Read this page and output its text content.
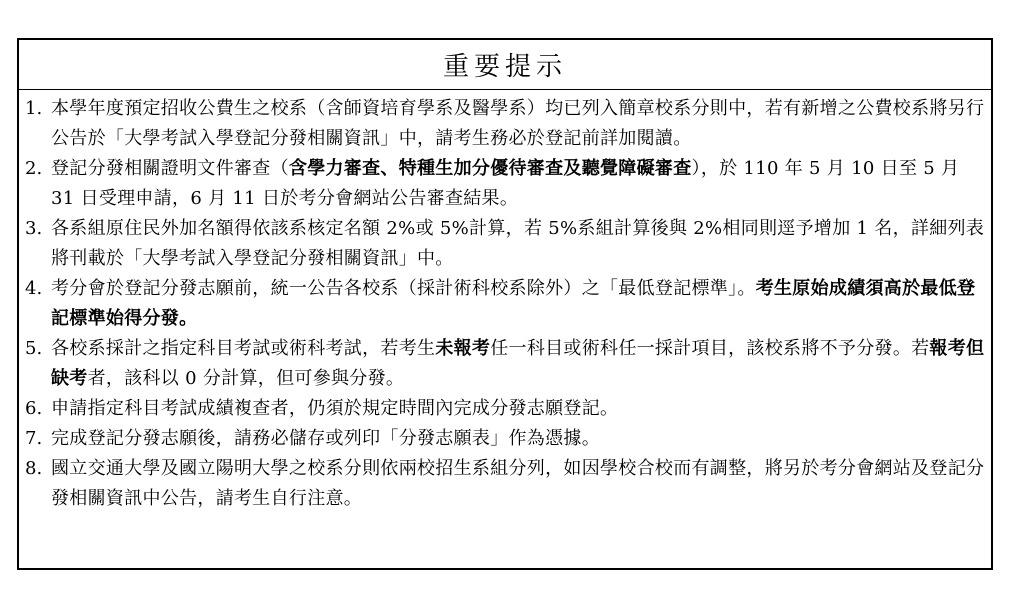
重要提示
1. 本學年度預定招收公費生之校系（含師資培育學系及醫學系）均已列入簡章校系分則中，若有新增之公費校系將另行公告於「大學考試入學登記分發相關資訊」中，請考生務必於登記前詳加閱讀。
2. 登記分發相關證明文件審查（含學力審查、特種生加分優待審查及聽覺障礙審查），於 110 年 5 月 10 日至 5 月 31 日受理申請，6 月 11 日於考分會網站公告審查結果。
3. 各系組原住民外加名額得依該系核定名額 2%或 5%計算，若 5%系組計算後與 2%相同則逕予增加 1 名，詳細列表將刊載於「大學考試入學登記分發相關資訊」中。
4. 考分會於登記分發志願前，統一公告各校系（採計術科校系除外）之「最低登記標準」。考生原始成績須高於最低登記標準始得分發。
5. 各校系採計之指定科目考試或術科考試，若考生未報考任一科目或術科任一採計項目，該校系將不予分發。若報考但缺考者，該科以 0 分計算，但可參與分發。
6. 申請指定科目考試成績複查者，仍須於規定時間內完成分發志願登記。
7. 完成登記分發志願後，請務必儲存或列印「分發志願表」作為憑據。
8. 國立交通大學及國立陽明大學之校系分則依兩校招生系組分列，如因學校合校而有調整，將另於考分會網站及登記分發相關資訊中公告，請考生自行注意。
